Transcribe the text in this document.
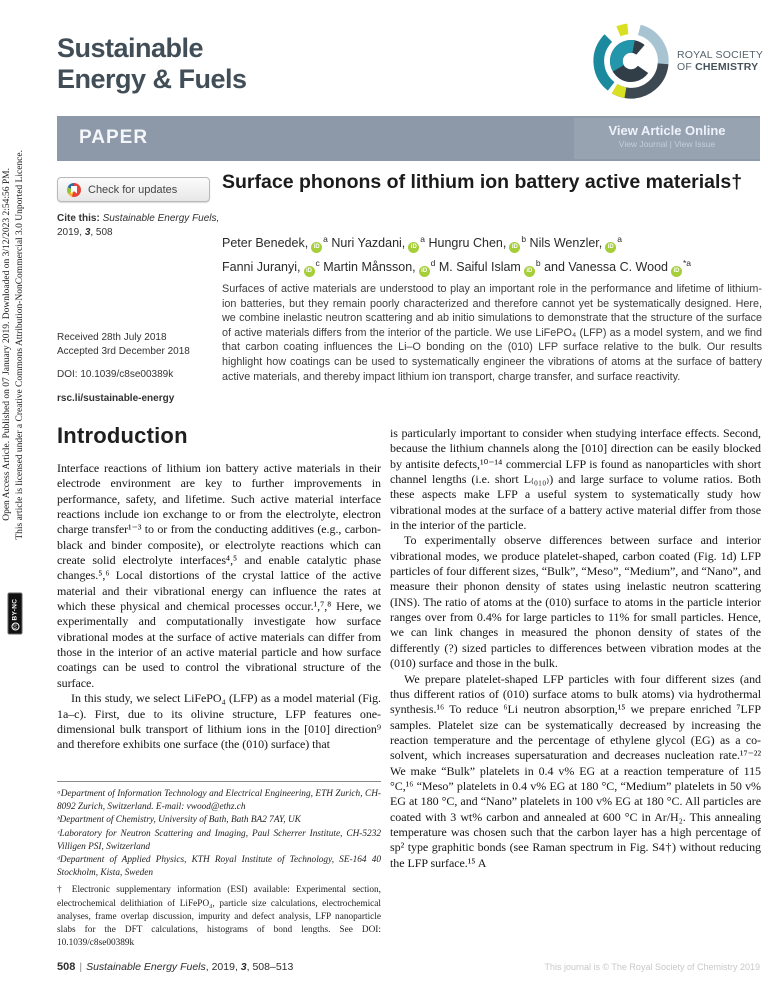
Open Access Article. Published on 07 January 2019. Downloaded on 3/12/2023 2:54:56 PM. This article is licensed under a Creative Commons Attribution-NonCommercial 3.0 Unported Licence.
cc
BY-NC
Sustainable
Energy & Fuels
ROYAL SOCIETY
OF CHEMISTRY
PAPER	View Article Online
View Journal | View Issue
Check for updates
Cite this: Sustainable Energy Fuels, 2019, 3, 508
Surface phonons of lithium ion battery active materials†
Peter Benedek, iD$^a$ Nuri Yazdani, iD$^a$ Hungru Chen, iD$^b$ Nils Wenzler, iD$^a$
Fanni Juranyi, iD$^c$ Martin Månsson, iD$^d$ M. Saiful Islam iD$^b$ and Vanessa C. Wood iD$^{*a}$
Surfaces of active materials are understood to play an important role in the performance and lifetime of lithium-ion batteries, but they remain poorly characterized and therefore cannot yet be systematically designed. Here, we combine inelastic neutron scattering and ab initio simulations to demonstrate that the structure of the surface of active materials differs from the interior of the particle. We use LiFePO₄ (LFP) as a model system, and we find that carbon coating influences the Li–O bonding on the (010) LFP surface relative to the bulk. Our results highlight how coatings can be used to systematically engineer the vibrations of atoms at the surface of battery active materials, and thereby impact lithium ion transport, charge transfer, and surface reactivity.
Received 28th July 2018
Accepted 3rd December 2018
DOI: 10.1039/c8se00389k
rsc.li/sustainable-energy
Introduction

Interface reactions of lithium ion battery active materials in their electrode environment are key to further improvements in performance, safety, and lifetime. Such active material interface reactions include ion exchange to or from the electrolyte, electron charge transfer¹⁻³ to or from the conducting additives (e.g., carbon-black and binder composite), or electrolyte reactions which can create solid electrolyte interfaces⁴,⁵ and enable catalytic phase changes.⁵,⁶ Local distortions of the crystal lattice of the active material and their vibrational energy can influence the rates at which these physical and chemical processes occur.¹,⁷,⁸ Here, we experimentally and computationally investigate how surface vibrational modes at the surface of active materials can differ from those in the interior of an active material particle and how surface coatings can be used to control the vibrational structure of the surface.

In this study, we select LiFePO₄ (LFP) as a model material (Fig. 1a–c). First, due to its olivine structure, LFP features one-dimensional bulk transport of lithium ions in the [010] direction⁹ and therefore exhibits one surface (the (010) surface) that

is particularly important to consider when studying interface effects. Second, because the lithium channels along the [010] direction can be easily blocked by antisite defects,¹⁰⁻¹⁴ commercial LFP is found as nanoparticles with short channel lengths (i.e. short L₍₀₁₀₎) and large surface to volume ratios. Both these aspects make LFP a useful system to systematically study how vibrational modes at the surface of a battery active material differ from those in the interior of the particle.

To experimentally observe differences between surface and interior vibrational modes, we produce platelet-shaped, carbon coated (Fig. 1d) LFP particles of four different sizes, “Bulk”, “Meso”, “Medium”, and “Nano”, and measure their phonon density of states using inelastic neutron scattering (INS). The ratio of atoms at the (010) surface to atoms in the particle interior ranges over from 0.4% for large particles to 11% for small particles. Hence, we can link changes in measured the phonon density of states of the differently (?) sized particles to differences between vibration modes at the (010) surface and those in the bulk.

We prepare platelet-shaped LFP particles with four different sizes (and thus different ratios of (010) surface atoms to bulk atoms) via hydrothermal synthesis.¹⁶ To reduce ⁶Li neutron absorption,¹⁵ we prepare enriched ⁷LFP samples. Platelet size can be systematically decreased by increasing the reaction temperature and the percentage of ethylene glycol (EG) as a co-solvent, which increases supersaturation and decreases nucleation rate.¹⁷⁻²² We make “Bulk” platelets in 0.4 v% EG at a reaction temperature of 115 °C,¹⁶ “Meso” platelets in 0.4 v% EG at 180 °C, “Medium” platelets in 50 v% EG at 180 °C, and “Nano” platelets in 100 v% EG at 180 °C. All particles are coated with 3 wt% carbon and annealed at 600 °C in Ar/H₂. This annealing temperature was chosen such that the carbon layer has a high percentage of sp² type graphitic bonds (see Raman spectrum in Fig. S4†) without reducing the LFP surface.¹⁵ A

ᵃDepartment of Information Technology and Electrical Engineering, ETH Zurich, CH-8092 Zurich, Switzerland. E-mail: vwood@ethz.ch

ᵇDepartment of Chemistry, University of Bath, Bath BA2 7AY, UK

ᶜLaboratory for Neutron Scattering and Imaging, Paul Scherrer Institute, CH-5232 Villigen PSI, Switzerland

ᵈDepartment of Applied Physics, KTH Royal Institute of Technology, SE-164 40 Stockholm, Kista, Sweden

† Electronic supplementary information (ESI) available: Experimental section, electrochemical delithiation of LiFePO₄, particle size calculations, electrochemical analyses, frame overlap discussion, impurity and defect analysis, LFP nanoparticle slabs for the DFT calculations, histograms of bond lengths. See DOI: 10.1039/c8se00389k

508 | Sustainable Energy Fuels, 2019, 3, 508–513	This journal is © The Royal Society of Chemistry 2019
